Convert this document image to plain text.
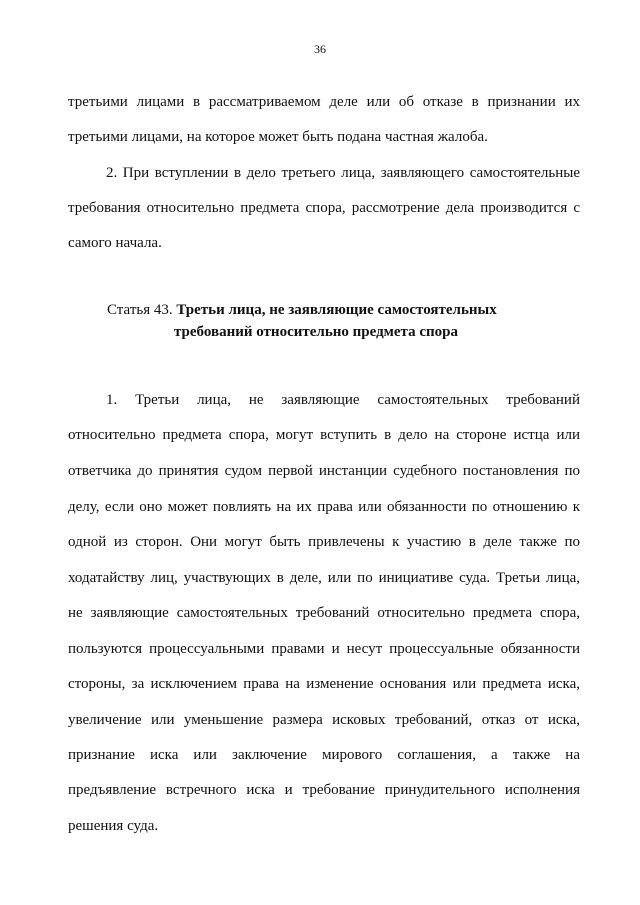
36
третьими лицами в рассматриваемом деле или об отказе в признании их
третьими лицами, на которое может быть подана частная жалоба.
2. При вступлении в дело третьего лица, заявляющего самостоятельные
требования относительно предмета спора, рассмотрение дела производится с
самого начала.
Статья 43. Третьи лица, не заявляющие самостоятельных
требований относительно предмета спора
1. Третьи лица, не заявляющие самостоятельных требований
относительно предмета спора, могут вступить в дело на стороне истца или
ответчика до принятия судом первой инстанции судебного постановления по
делу, если оно может повлиять на их права или обязанности по отношению к
одной из сторон. Они могут быть привлечены к участию в деле также по
ходатайству лиц, участвующих в деле, или по инициативе суда. Третьи лица,
не заявляющие самостоятельных требований относительно предмета спора,
пользуются процессуальными правами и несут процессуальные обязанности
стороны, за исключением права на изменение основания или предмета иска,
увеличение или уменьшение размера исковых требований, отказ от иска,
признание иска или заключение мирового соглашения, а также на
предъявление встречного иска и требование принудительного исполнения
решения суда.
